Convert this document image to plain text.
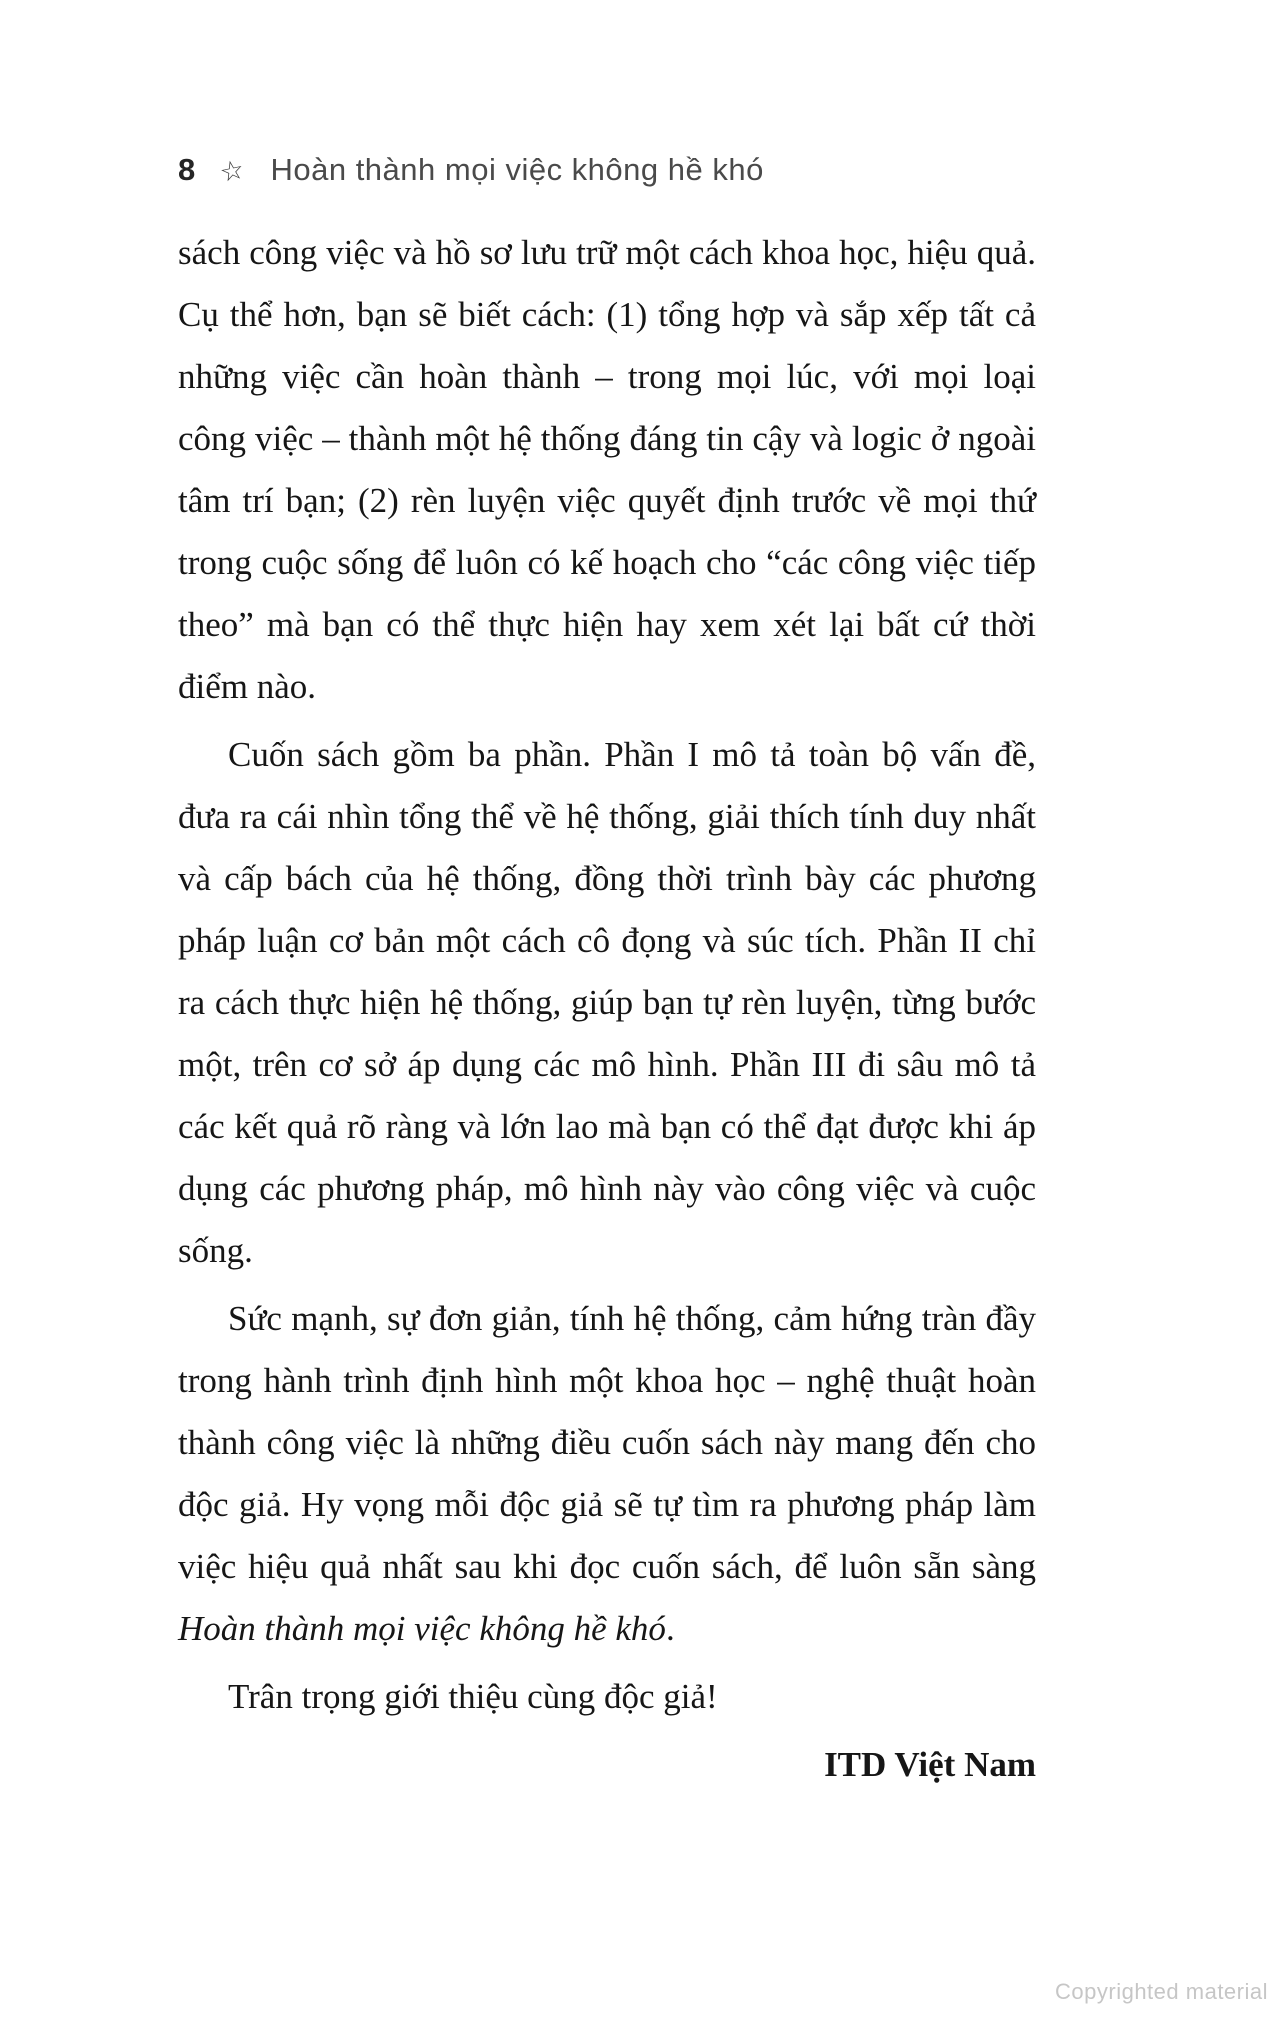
8 ☆ Hoàn thành mọi việc không hề khó

sách công việc và hồ sơ lưu trữ một cách khoa học, hiệu quả. Cụ thể hơn, bạn sẽ biết cách: (1) tổng hợp và sắp xếp tất cả những việc cần hoàn thành – trong mọi lúc, với mọi loại công việc – thành một hệ thống đáng tin cậy và logic ở ngoài tâm trí bạn; (2) rèn luyện việc quyết định trước về mọi thứ trong cuộc sống để luôn có kế hoạch cho “các công việc tiếp theo” mà bạn có thể thực hiện hay xem xét lại bất cứ thời điểm nào.

Cuốn sách gồm ba phần. Phần I mô tả toàn bộ vấn đề, đưa ra cái nhìn tổng thể về hệ thống, giải thích tính duy nhất và cấp bách của hệ thống, đồng thời trình bày các phương pháp luận cơ bản một cách cô đọng và súc tích. Phần II chỉ ra cách thực hiện hệ thống, giúp bạn tự rèn luyện, từng bước một, trên cơ sở áp dụng các mô hình. Phần III đi sâu mô tả các kết quả rõ ràng và lớn lao mà bạn có thể đạt được khi áp dụng các phương pháp, mô hình này vào công việc và cuộc sống.

Sức mạnh, sự đơn giản, tính hệ thống, cảm hứng tràn đầy trong hành trình định hình một khoa học – nghệ thuật hoàn thành công việc là những điều cuốn sách này mang đến cho độc giả. Hy vọng mỗi độc giả sẽ tự tìm ra phương pháp làm việc hiệu quả nhất sau khi đọc cuốn sách, để luôn sẵn sàng Hoàn thành mọi việc không hề khó.

Trân trọng giới thiệu cùng độc giả!

ITD Việt Nam

Copyrighted material
